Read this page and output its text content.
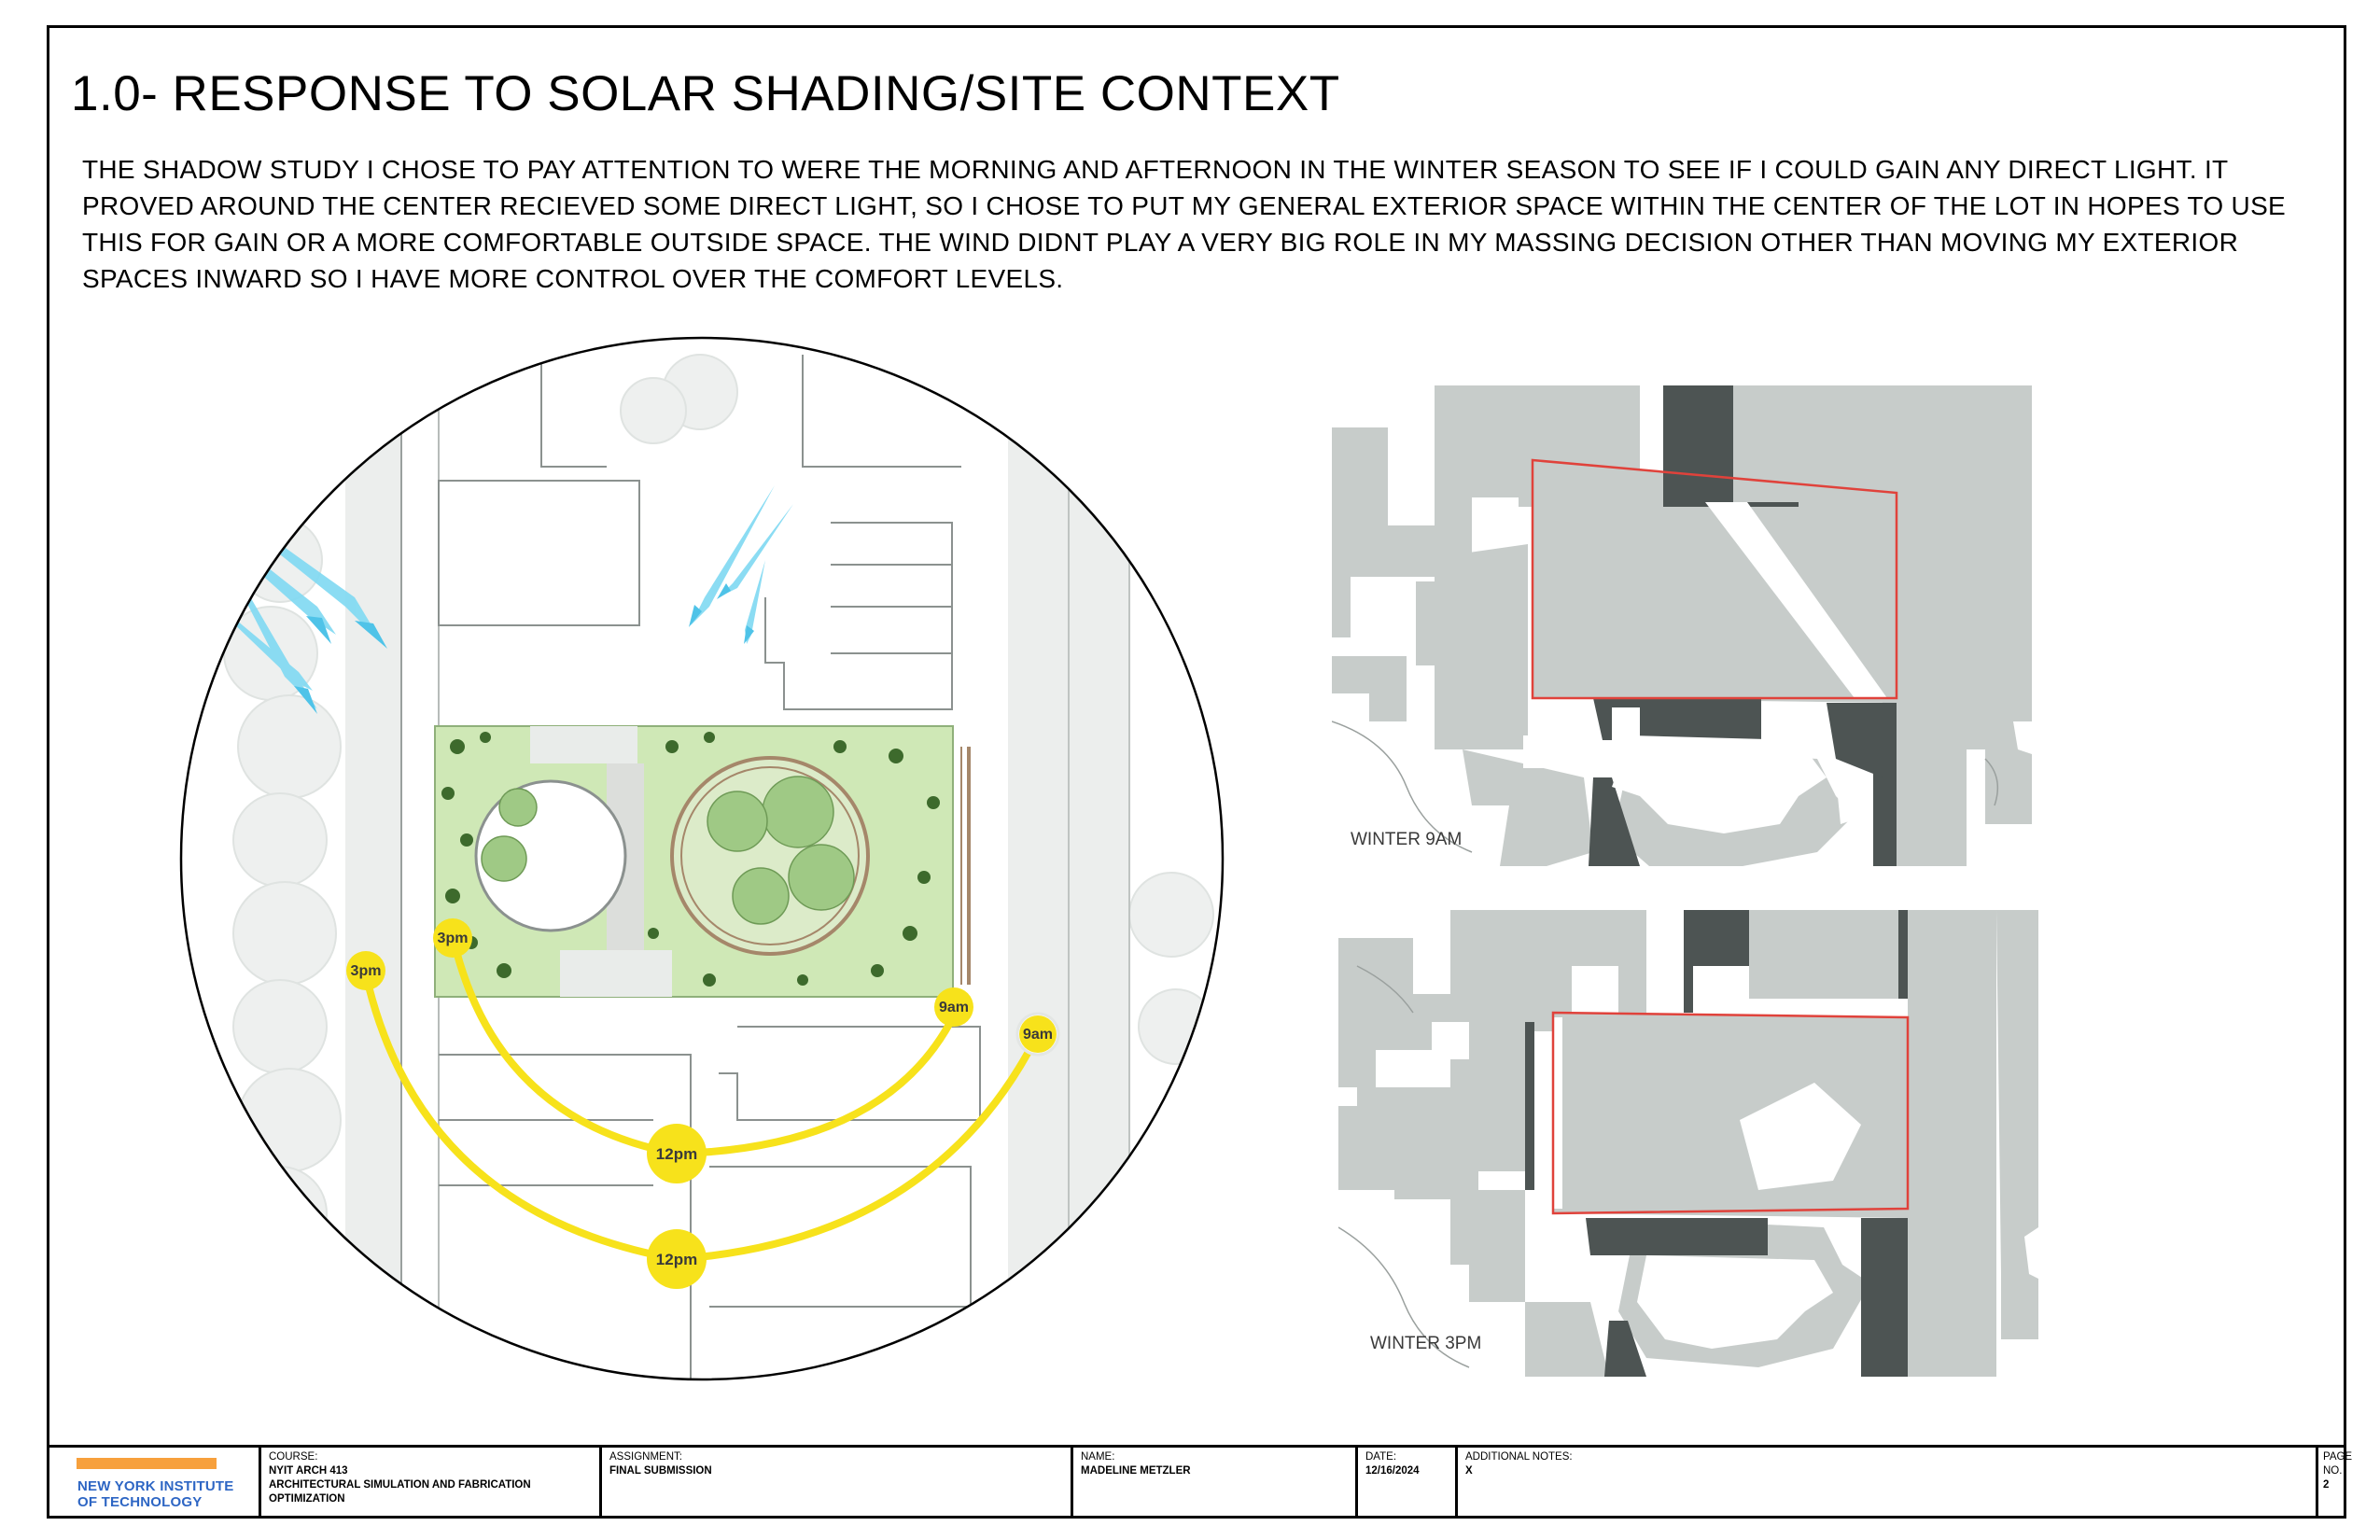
1.0- RESPONSE TO SOLAR SHADING/SITE CONTEXT
THE SHADOW STUDY I CHOSE TO PAY ATTENTION TO WERE THE MORNING AND AFTERNOON IN THE WINTER SEASON TO SEE IF I COULD GAIN ANY DIRECT LIGHT. IT PROVED AROUND THE CENTER RECIEVED SOME DIRECT LIGHT, SO I CHOSE TO PUT MY GENERAL EXTERIOR SPACE WITHIN THE CENTER OF THE LOT IN HOPES TO USE THIS FOR GAIN OR A MORE COMFORTABLE OUTSIDE SPACE. THE WIND DIDNT PLAY A VERY BIG ROLE IN MY MASSING DECISION OTHER THAN MOVING MY EXTERIOR SPACES INWARD SO I HAVE MORE CONTROL OVER THE COMFORT LEVELS.
3pm
3pm
9am
9am
12pm
12pm
WINTER 9AM
WINTER 3PM
NEW YORK INSTITUTE
OF TECHNOLOGY
COURSE:
NYIT ARCH 413
ARCHITECTURAL SIMULATION AND FABRICATION
OPTIMIZATION
ASSIGNMENT:
FINAL SUBMISSION
NAME:
MADELINE METZLER
DATE:
12/16/2024
ADDITIONAL NOTES:
X
PAGE
NO.
2
